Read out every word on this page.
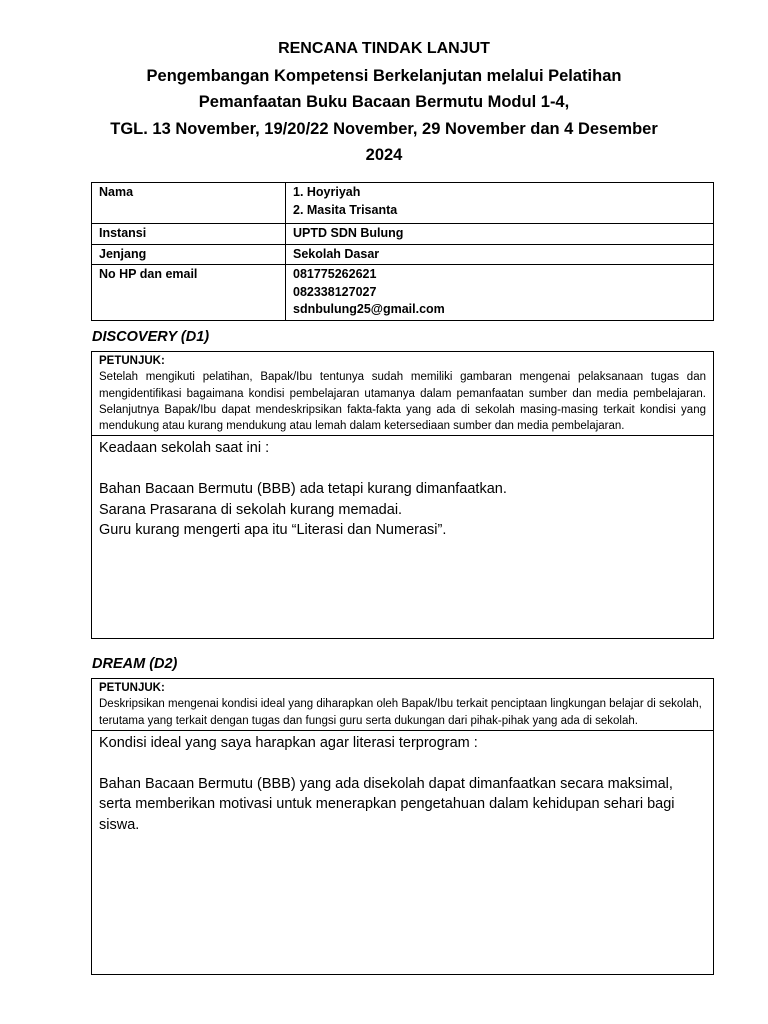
RENCANA TINDAK LANJUT
Pengembangan Kompetensi Berkelanjutan melalui Pelatihan
Pemanfaatan Buku Bacaan Bermutu Modul 1-4,
TGL. 13 November, 19/20/22 November, 29 November dan 4 Desember
2024
Nama	1. Hoyriyah
2. Masita Trisanta

Instansi	UPTD SDN Bulung
Jenjang	Sekolah Dasar
No HP dan email	081775262621
082338127027
sdnbulung25@gmail.com
DISCOVERY (D1)
PETUNJUK:
Setelah mengikuti pelatihan, Bapak/Ibu tentunya sudah memiliki gambaran mengenai pelaksanaan tugas dan mengidentifikasi bagaimana kondisi pembelajaran utamanya dalam pemanfaatan sumber dan media pembelajaran. Selanjutnya Bapak/Ibu dapat mendeskripsikan fakta-fakta yang ada di sekolah masing-masing terkait kondisi yang mendukung atau kurang mendukung atau lemah dalam ketersediaan sumber dan media pembelajaran.

Keadaan sekolah saat ini :

Bahan Bacaan Bermutu (BBB) ada tetapi kurang dimanfaatkan.

Sarana Prasarana di sekolah kurang memadai.

Guru kurang mengerti apa itu “Literasi dan Numerasi”.

DREAM (D2)
PETUNJUK:
Deskripsikan mengenai kondisi ideal yang diharapkan oleh Bapak/Ibu terkait penciptaan lingkungan belajar di sekolah, terutama yang terkait dengan tugas dan fungsi guru serta dukungan dari pihak-pihak yang ada di sekolah.

Kondisi ideal yang saya harapkan agar literasi terprogram :

Bahan Bacaan Bermutu (BBB) yang ada disekolah dapat dimanfaatkan secara maksimal, serta memberikan motivasi untuk menerapkan pengetahuan dalam kehidupan sehari bagi siswa.
